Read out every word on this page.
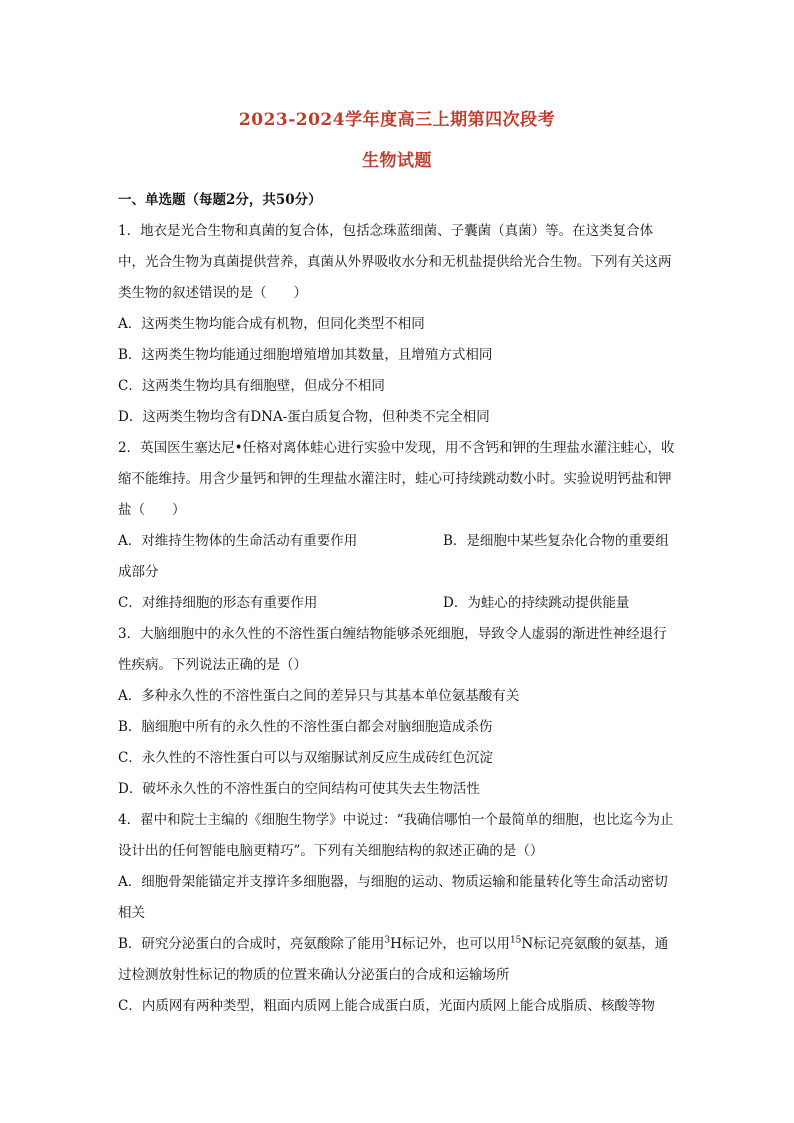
2023-2024学年度高三上期第四次段考
生物试题
一、单选题（每题2分，共50分）

1．地衣是光合生物和真菌的复合体，包括念珠蓝细菌、子囊菌（真菌）等。在这类复合体中，光合生物为真菌提供营养，真菌从外界吸收水分和无机盐提供给光合生物。下列有关这两类生物的叙述错误的是（　　）

A．这两类生物均能合成有机物，但同化类型不相同

B．这两类生物均能通过细胞增殖增加其数量，且增殖方式相同

C．这两类生物均具有细胞壁，但成分不相同

D．这两类生物均含有DNA-蛋白质复合物，但种类不完全相同

2．英国医生塞达尼•任格对离体蛙心进行实验中发现，用不含钙和钾的生理盐水灌注蛙心，收缩不能维持。用含少量钙和钾的生理盐水灌注时，蛙心可持续跳动数小时。实验说明钙盐和钾盐（　　）

A．对维持生物体的生命活动有重要作用	B．是细胞中某些复杂化合物的重要组成部分

C．对维持细胞的形态有重要作用	D．为蛙心的持续跳动提供能量

3．大脑细胞中的永久性的不溶性蛋白缠结物能够杀死细胞，导致令人虚弱的渐进性神经退行性疾病。下列说法正确的是（）

A．多种永久性的不溶性蛋白之间的差异只与其基本单位氨基酸有关

B．脑细胞中所有的永久性的不溶性蛋白都会对脑细胞造成杀伤

C．永久性的不溶性蛋白可以与双缩脲试剂反应生成砖红色沉淀

D．破坏永久性的不溶性蛋白的空间结构可使其失去生物活性

4．翟中和院士主编的《细胞生物学》中说过：“我确信哪怕一个最简单的细胞，也比迄今为止设计出的任何智能电脑更精巧”。下列有关细胞结构的叙述正确的是（）

A．细胞骨架能锚定并支撑许多细胞器，与细胞的运动、物质运输和能量转化等生命活动密切相关

B．研究分泌蛋白的合成时，亮氨酸除了能用$^3$H标记外，也可以用$^{15}$N标记亮氨酸的氨基，通过检测放射性标记的物质的位置来确认分泌蛋白的合成和运输场所

C．内质网有两种类型，粗面内质网上能合成蛋白质，光面内质网上能合成脂质、核酸等物
